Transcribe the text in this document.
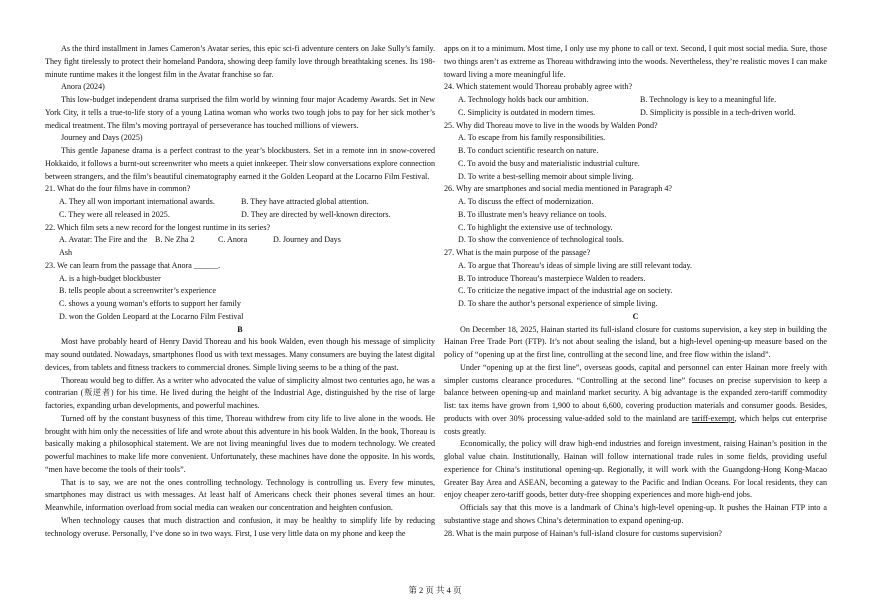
As the third installment in James Cameron’s Avatar series, this epic sci-fi adventure centers on Jake Sully’s family. They fight tirelessly to protect their homeland Pandora, showing deep family love through breathtaking scenes. Its 198-minute runtime makes it the longest film in the Avatar franchise so far.

Anora (2024)

This low-budget independent drama surprised the film world by winning four major Academy Awards. Set in New York City, it tells a true-to-life story of a young Latina woman who works two tough jobs to pay for her sick mother’s medical treatment. The film’s moving portrayal of perseverance has touched millions of viewers.

Journey and Days (2025)

This gentle Japanese drama is a perfect contrast to the year’s blockbusters. Set in a remote inn in snow-covered Hokkaido, it follows a burnt-out screenwriter who meets a quiet innkeeper. Their slow conversations explore connection between strangers, and the film’s beautiful cinematography earned it the Golden Leopard at the Locarno Film Festival.

21. What do the four films have in common?

A. They all won important international awards.	B. They have attracted global attention.
C. They were all released in 2025.	D. They are directed by well-known directors.

22. Which film sets a new record for the longest runtime in its series?

A. Avatar: The Fire and the Ash
B. Ne Zha 2	C. Anora	D. Journey and Days

23. We can learn from the passage that Anora ______.

A. is a high-budget blockbuster

B. tells people about a screenwriter’s experience

C. shows a young woman’s efforts to support her family

D. won the Golden Leopard at the Locarno Film Festival

B

Most have probably heard of Henry David Thoreau and his book Walden, even though his message of simplicity may sound outdated. Nowadays, smartphones flood us with text messages. Many consumers are buying the latest digital devices, from tablets and fitness trackers to commercial drones. Simple living seems to be a thing of the past.

Thoreau would beg to differ. As a writer who advocated the value of simplicity almost two centuries ago, he was a contrarian (叛逆者) for his time. He lived during the height of the Industrial Age, distinguished by the rise of large factories, expanding urban developments, and powerful machines.

Turned off by the constant busyness of this time, Thoreau withdrew from city life to live alone in the woods. He brought with him only the necessities of life and wrote about this adventure in his book Walden. In the book, Thoreau is basically making a philosophical statement. We are not living meaningful lives due to modern technology. We created powerful machines to make life more convenient. Unfortunately, these machines have done the opposite. In his words, “men have become the tools of their tools”.

That is to say, we are not the ones controlling technology. Technology is controlling us. Every few minutes, smartphones may distract us with messages. At least half of Americans check their phones several times an hour. Meanwhile, information overload from social media can weaken our concentration and heighten confusion.

When technology causes that much distraction and confusion, it may be healthy to simplify life by reducing technology overuse. Personally, I’ve done so in two ways. First, I use very little data on my phone and keep the

apps on it to a minimum. Most time, I only use my phone to call or text. Second, I quit most social media. Sure, those two things aren’t as extreme as Thoreau withdrawing into the woods. Nevertheless, they’re realistic moves I can make toward living a more meaningful life.

24. Which statement would Thoreau probably agree with?

A. Technology holds back our ambition.	B. Technology is key to a meaningful life.
C. Simplicity is outdated in modern times.	D. Simplicity is possible in a tech-driven world.

25. Why did Thoreau move to live in the woods by Walden Pond?

A. To escape from his family responsibilities.

B. To conduct scientific research on nature.

C. To avoid the busy and materialistic industrial culture.

D. To write a best-selling memoir about simple living.

26. Why are smartphones and social media mentioned in Paragraph 4?

A. To discuss the effect of modernization.

B. To illustrate men’s heavy reliance on tools.

C. To highlight the extensive use of technology.

D. To show the convenience of technological tools.

27. What is the main purpose of the passage?

A. To argue that Thoreau’s ideas of simple living are still relevant today.

B. To introduce Thoreau’s masterpiece Walden to readers.

C. To criticize the negative impact of the industrial age on society.

D. To share the author’s personal experience of simple living.

C

On December 18, 2025, Hainan started its full-island closure for customs supervision, a key step in building the Hainan Free Trade Port (FTP). It’s not about sealing the island, but a high-level opening-up measure based on the policy of “opening up at the first line, controlling at the second line, and free flow within the island”.

Under “opening up at the first line”, overseas goods, capital and personnel can enter Hainan more freely with simpler customs clearance procedures. “Controlling at the second line” focuses on precise supervision to keep a balance between opening-up and mainland market security. A big advantage is the expanded zero-tariff commodity list: tax items have grown from 1,900 to about 6,600, covering production materials and consumer goods. Besides, products with over 30% processing value-added sold to the mainland are tariff-exempt, which helps cut enterprise costs greatly.

Economically, the policy will draw high-end industries and foreign investment, raising Hainan’s position in the global value chain. Institutionally, Hainan will follow international trade rules in some fields, providing useful experience for China’s institutional opening-up. Regionally, it will work with the Guangdong-Hong Kong-Macao Greater Bay Area and ASEAN, becoming a gateway to the Pacific and Indian Oceans. For local residents, they can enjoy cheaper zero-tariff goods, better duty-free shopping experiences and more high-end jobs.

Officials say that this move is a landmark of China’s high-level opening-up. It pushes the Hainan FTP into a substantive stage and shows China’s determination to expand opening-up.

28. What is the main purpose of Hainan’s full-island closure for customs supervision?

第 2 页 共 4 页
